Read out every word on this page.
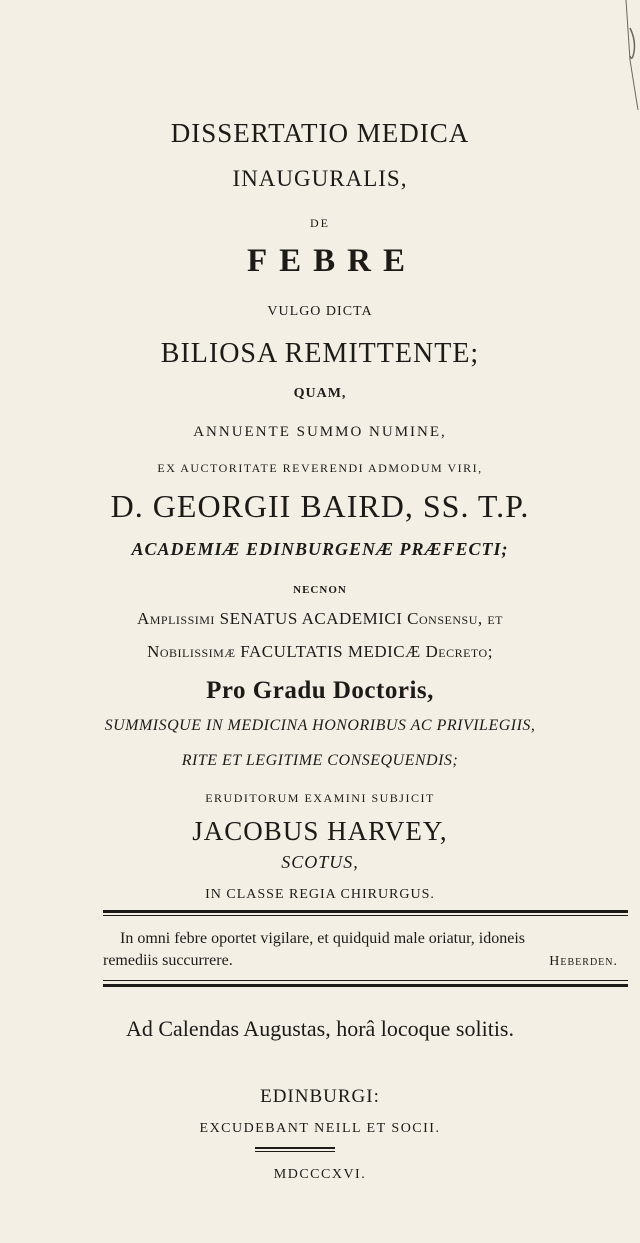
DISSERTATIO MEDICA
INAUGURALIS,
DE
FEBRE
VULGO DICTA
BILIOSA REMITTENTE;
QUAM,
ANNUENTE SUMMO NUMINE,
EX AUCTORITATE REVERENDI ADMODUM VIRI,
D. GEORGII BAIRD, SS. T.P.
ACADEMIÆ EDINBURGENÆ PRÆFECTI;
NECNON
Amplissimi SENATUS ACADEMICI Consensu, et
Nobilissimæ FACULTATIS MEDICÆ Decreto;
Pro Gradu Doctoris,
SUMMISQUE IN MEDICINA HONORIBUS AC PRIVILEGIIS,
RITE ET LEGITIME CONSEQUENDIS;
ERUDITORUM EXAMINI SUBJICIT
JACOBUS HARVEY,
SCOTUS,
IN CLASSE REGIA CHIRURGUS.
In omni febre oportet vigilare, et quidquid male oriatur, idoneis
remediis succurrere.	Heberden.
Ad Calendas Augustas, horâ locoque solitis.
EDINBURGI:
EXCUDEBANT NEILL ET SOCII.
MDCCCXVI.
